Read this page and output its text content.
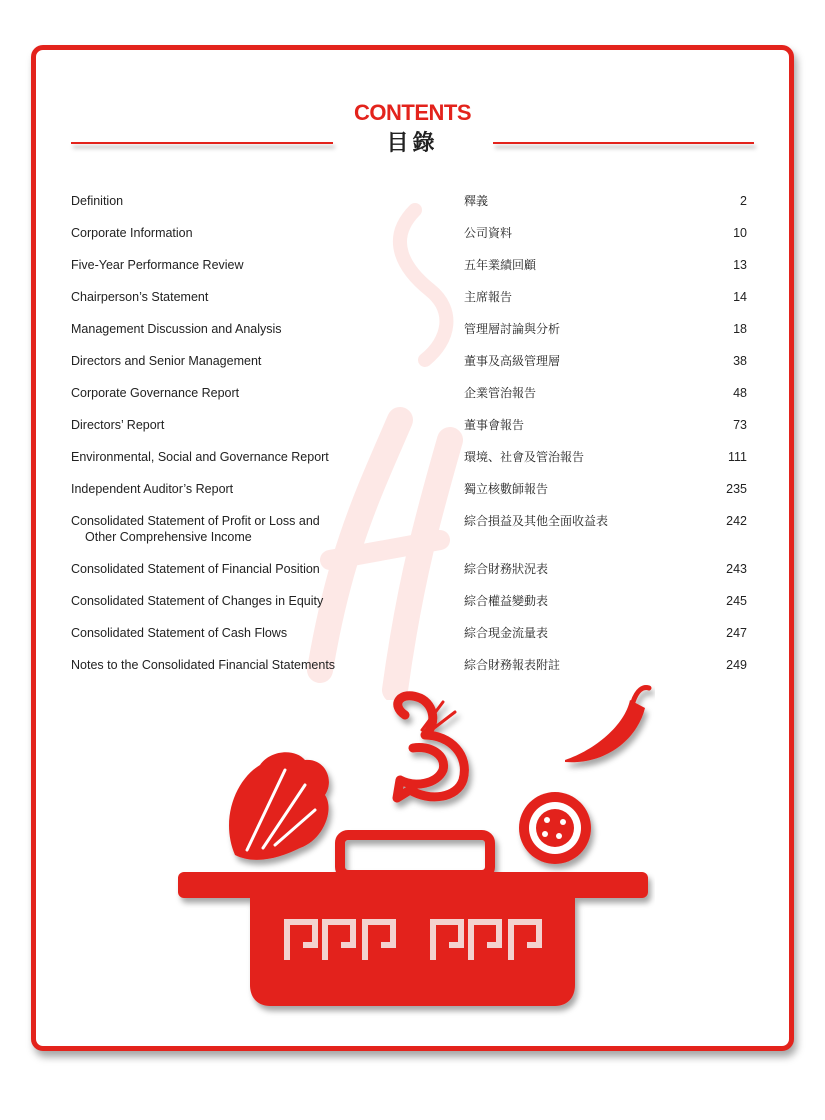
CONTENTS
目錄
Definition	釋義	2
Corporate Information	公司資料	10
Five-Year Performance Review	五年業績回顧	13
Chairperson’s Statement	主席報告	14
Management Discussion and Analysis	管理層討論與分析	18
Directors and Senior Management	董事及高級管理層	38
Corporate Governance Report	企業管治報告	48
Directors’ Report	董事會報告	73
Environmental, Social and Governance Report	環境、社會及管治報告	111
Independent Auditor’s Report	獨立核數師報告	235
Consolidated Statement of Profit or Loss and
Other Comprehensive Income
綜合損益及其他全面收益表	242
Consolidated Statement of Financial Position	綜合財務狀況表	243
Consolidated Statement of Changes in Equity	綜合權益變動表	245
Consolidated Statement of Cash Flows	綜合現金流量表	247
Notes to the Consolidated Financial Statements	綜合財務報表附註	249
